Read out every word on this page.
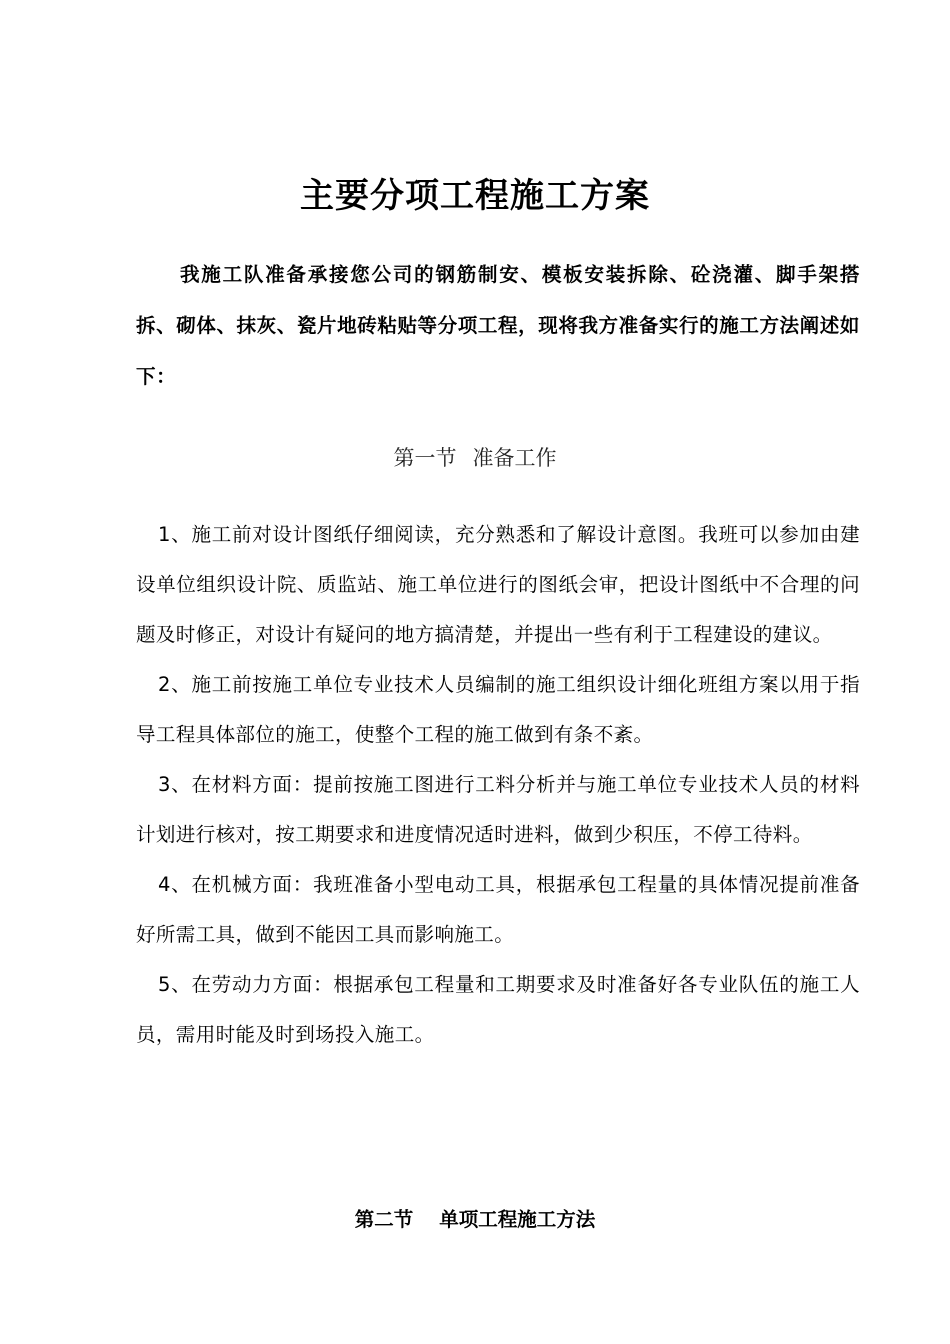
主要分项工程施工方案

我施工队准备承接您公司的钢筋制安、模板安装拆除、砼浇灌、脚手架搭拆、砌体、抹灰、瓷片地砖粘贴等分项工程，现将我方准备实行的施工方法阐述如下：

第一节 准备工作

1、施工前对设计图纸仔细阅读，充分熟悉和了解设计意图。我班可以参加由建设单位组织设计院、质监站、施工单位进行的图纸会审，把设计图纸中不合理的问题及时修正，对设计有疑问的地方搞清楚，并提出一些有利于工程建设的建议。

2、施工前按施工单位专业技术人员编制的施工组织设计细化班组方案以用于指导工程具体部位的施工，使整个工程的施工做到有条不紊。

3、在材料方面：提前按施工图进行工料分析并与施工单位专业技术人员的材料计划进行核对，按工期要求和进度情况适时进料，做到少积压，不停工待料。

4、在机械方面：我班准备小型电动工具，根据承包工程量的具体情况提前准备好所需工具，做到不能因工具而影响施工。

5、在劳动力方面：根据承包工程量和工期要求及时准备好各专业队伍的施工人员，需用时能及时到场投入施工。

第二节 单项工程施工方法
